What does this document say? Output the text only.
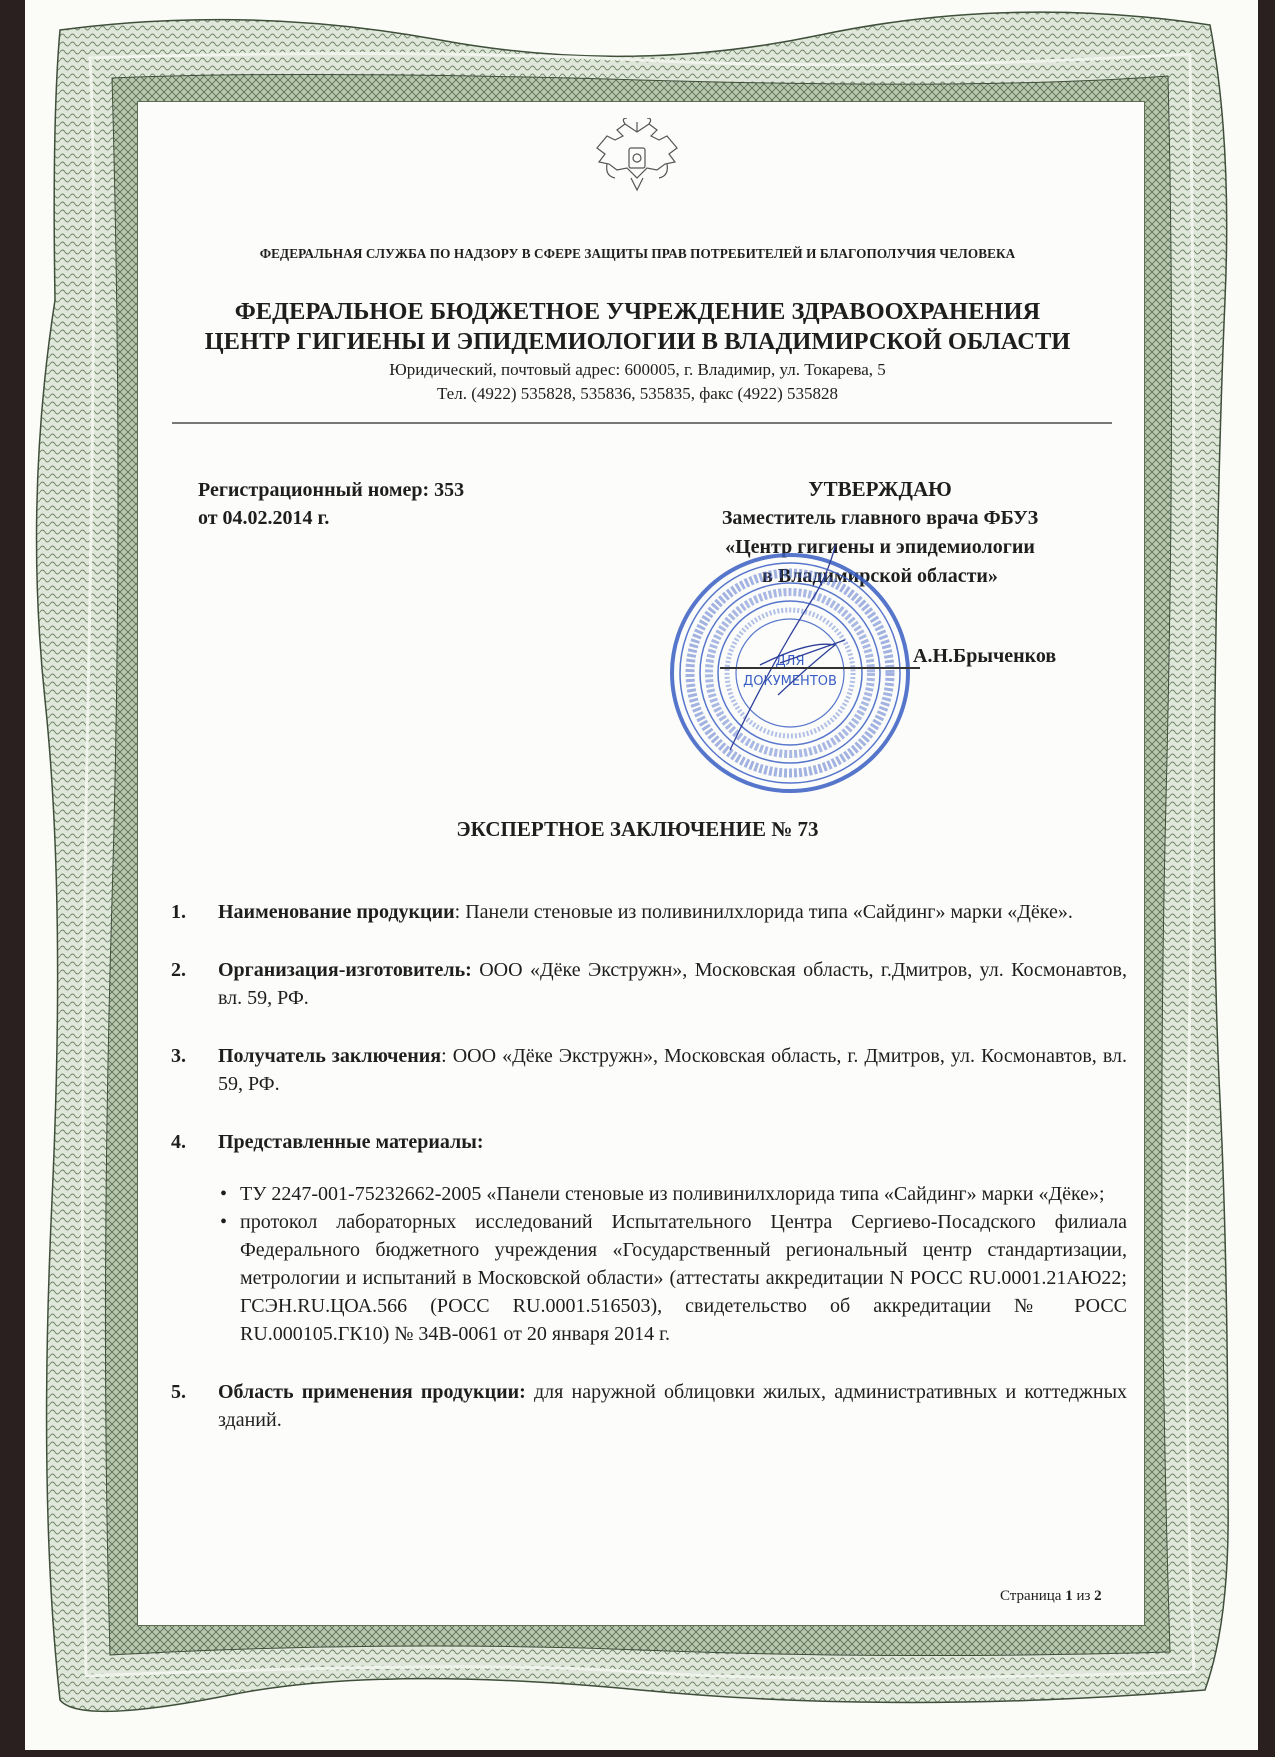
ФЕДЕРАЛЬНАЯ СЛУЖБА ПО НАДЗОРУ В СФЕРЕ ЗАЩИТЫ ПРАВ ПОТРЕБИТЕЛЕЙ И БЛАГОПОЛУЧИЯ ЧЕЛОВЕКА
ФЕДЕРАЛЬНОЕ БЮДЖЕТНОЕ УЧРЕЖДЕНИЕ ЗДРАВООХРАНЕНИЯ
ЦЕНТР ГИГИЕНЫ И ЭПИДЕМИОЛОГИИ В ВЛАДИМИРСКОЙ ОБЛАСТИ
Юридический, почтовый адрес: 600005, г. Владимир, ул. Токарева, 5
Тел. (4922) 535828, 535836, 535835, факс (4922) 535828
Регистрационный номер: 353
от 04.02.2014 г.
УТВЕРЖДАЮ
Заместитель главного врача ФБУЗ
«Центр гигиены и эпидемиологии
в Владимирской области»
ДЛЯ
ДОКУМЕНТОВ
А.Н.Брыченков
ЭКСПЕРТНОЕ ЗАКЛЮЧЕНИЕ № 73
1. Наименование продукции: Панели стеновые из поливинилхлорида типа «Сайдинг» марки «Дёке».
2. Организация-изготовитель: ООО «Дёке Экстружн», Московская область, г.Дмитров, ул. Космонавтов, вл. 59, РФ.
3. Получатель заключения: ООО «Дёке Экстружн», Московская область, г. Дмитров, ул. Космонавтов, вл. 59, РФ.
4. Представленные материалы:
• ТУ 2247-001-75232662-2005 «Панели стеновые из поливинилхлорида типа «Сайдинг» марки «Дёке»;
• протокол лабораторных исследований Испытательного Центра Сергиево-Посадского филиала Федерального бюджетного учреждения «Государственный региональный центр стандартизации, метрологии и испытаний в Московской области» (аттестаты аккредитации N РОСС RU.0001.21АЮ22; ГСЭН.RU.ЦОА.566 (РОСС RU.0001.516503), свидетельство об аккредитации № РОСС RU.000105.ГК10) № 34В-0061 от 20 января 2014 г.
5. Область применения продукции: для наружной облицовки жилых, административных и коттеджных зданий.
Страница 1 из 2
